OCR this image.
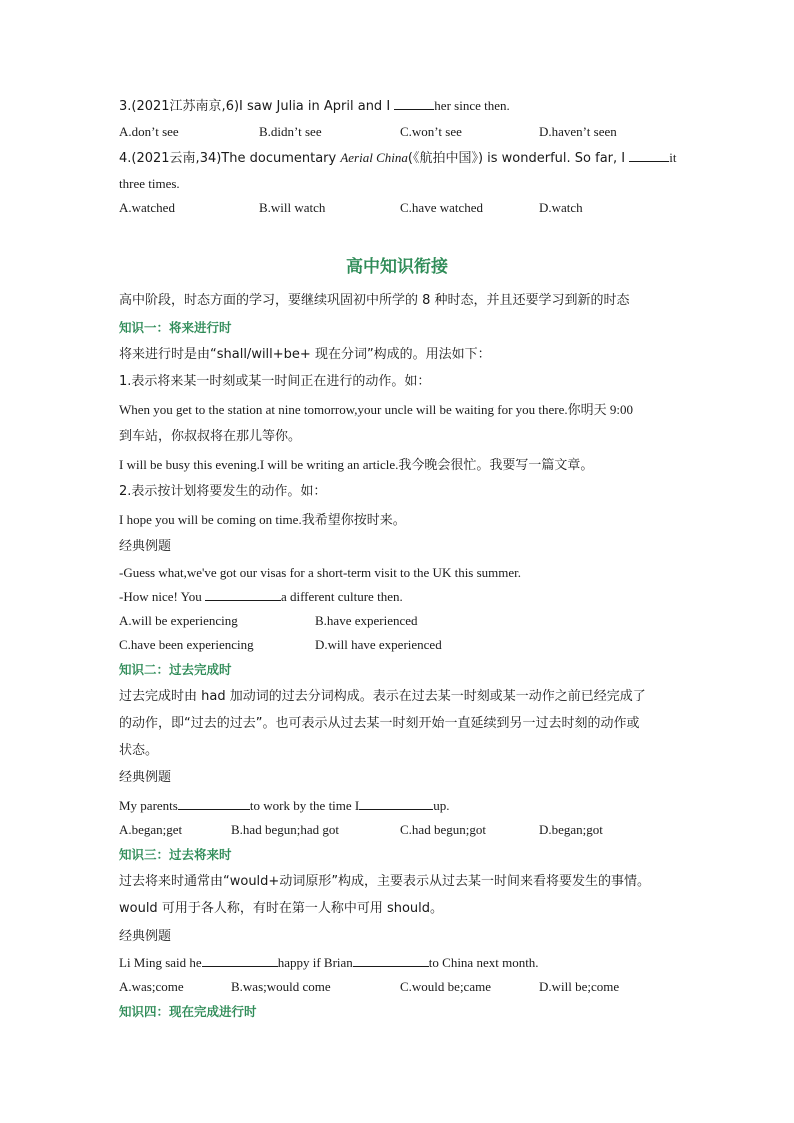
3.(2021江苏南京,6)I saw Julia in April and I	her since then.
A.don’t see	B.didn’t see	C.won’t see	D.haven’t seen
4.(2021云南,34)The documentary Aerial China(《航拍中国》) is wonderful. So far, I	it
three times.
A.watched	B.will watch	C.have watched	D.watch
高中知识衔接
高中阶段，时态方面的学习，要继续巩固初中所学的 8 种时态，并且还要学习到新的时态
知识一：将来进行时
将来进行时是由“shall/will+be+ 现在分词”构成的。用法如下：
1.表示将来某一时刻或某一时间正在进行的动作。如：
When you get to the station at nine tomorrow,your uncle will be waiting for you there.你明天 9:00
到车站，你叔叔将在那儿等你。
I will be busy this evening.I will be writing an article.我今晚会很忙。我要写一篇文章。
2.表示按计划将要发生的动作。如：
I hope you will be coming on time.我希望你按时来。
经典例题
-Guess what,we've got our visas for a short-term visit to the UK this summer.
-How nice! You	a different culture then.
A.will be experiencing	B.have experienced
C.have been experiencing	D.will have experienced
知识二：过去完成时
过去完成时由 had 加动词的过去分词构成。表示在过去某一时刻或某一动作之前已经完成了
的动作，即“过去的过去”。也可表示从过去某一时刻开始一直延续到另一过去时刻的动作或
状态。
经典例题
My parents	to work by the time I	up.
A.began;get	B.had begun;had got	C.had begun;got	D.began;got
知识三：过去将来时
过去将来时通常由“would+动词原形”构成，主要表示从过去某一时间来看将要发生的事情。
would 可用于各人称，有时在第一人称中可用 should。
经典例题
Li Ming said he	happy if Brian	to China next month.
A.was;come	B.was;would come	C.would be;came	D.will be;come
知识四：现在完成进行时
